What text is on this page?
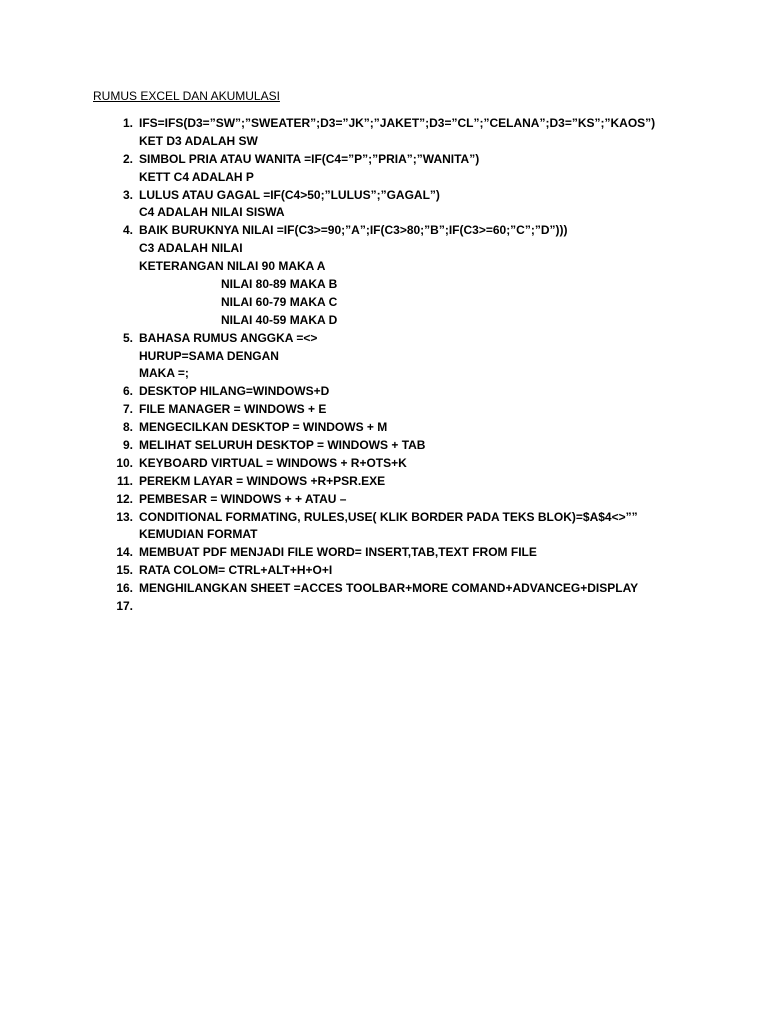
RUMUS EXCEL DAN AKUMULASI
1. IFS=IFS(D3=”SW”;”SWEATER”;D3=”JK”;”JAKET”;D3=”CL”;”CELANA”;D3=”KS”;”KAOS”)
KET D3 ADALAH SW
2. SIMBOL PRIA ATAU WANITA =IF(C4=”P”;”PRIA”;”WANITA”)
KETT C4 ADALAH P
3. LULUS ATAU GAGAL =IF(C4>50;”LULUS”;”GAGAL”)
C4 ADALAH NILAI SISWA
4. BAIK BURUKNYA NILAI =IF(C3>=90;”A”;IF(C3>80;”B”;IF(C3>=60;”C”;”D”)))
C3 ADALAH NILAI
KETERANGAN NILAI 90 MAKA A
NILAI 80-89 MAKA B
NILAI 60-79 MAKA C
NILAI 40-59 MAKA D
5. BAHASA RUMUS ANGGKA =<>
HURUP=SAMA DENGAN
MAKA =;
6. DESKTOP HILANG=WINDOWS+D
7. FILE MANAGER = WINDOWS + E
8. MENGECILKAN DESKTOP = WINDOWS + M
9. MELIHAT SELURUH DESKTOP = WINDOWS + TAB
10. KEYBOARD VIRTUAL = WINDOWS + R+OTS+K
11. PEREKM LAYAR = WINDOWS +R+PSR.EXE
12. PEMBESAR = WINDOWS + + ATAU –
13. CONDITIONAL FORMATING, RULES,USE( KLIK BORDER PADA TEKS BLOK)=$A$4<>””
KEMUDIAN FORMAT
14. MEMBUAT PDF MENJADI FILE WORD= INSERT,TAB,TEXT FROM FILE
15. RATA COLOM= CTRL+ALT+H+O+I
16. MENGHILANGKAN SHEET =ACCES TOOLBAR+MORE COMAND+ADVANCEG+DISPLAY
17.
